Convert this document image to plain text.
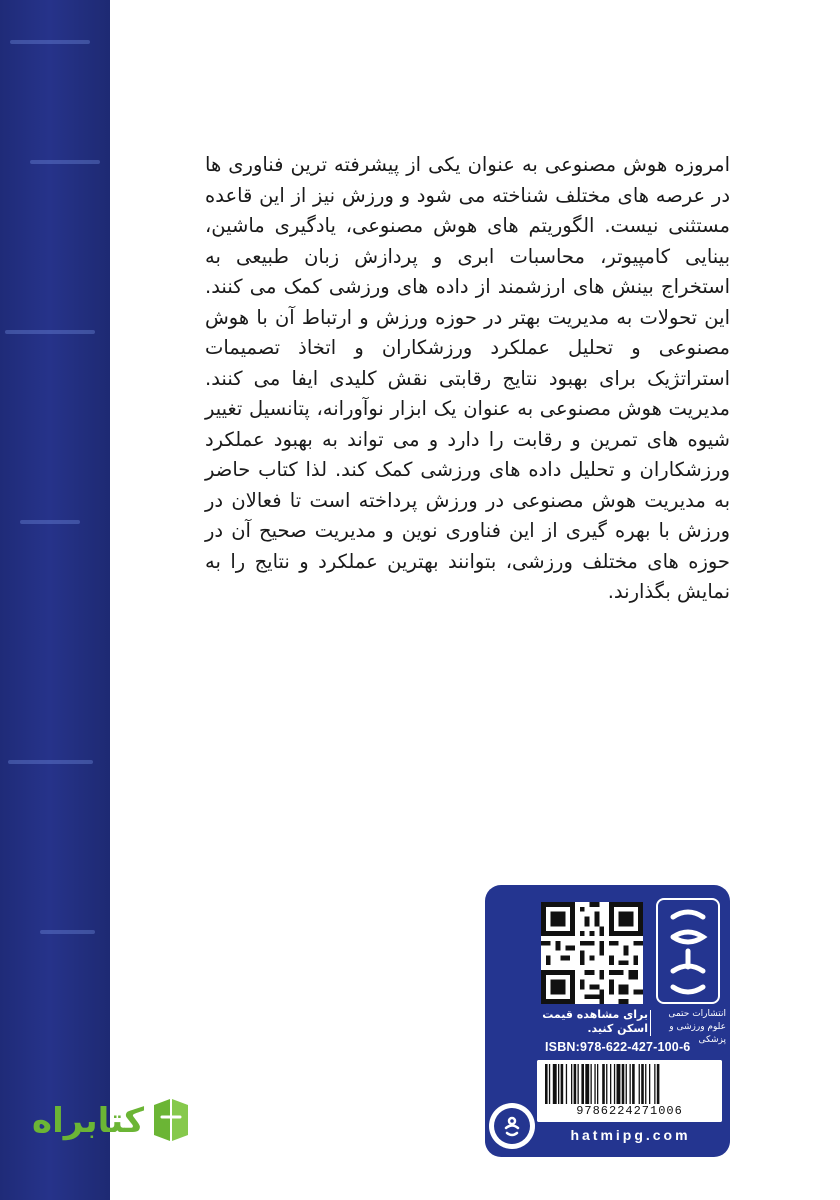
امروزه هوش مصنوعی به عنوان یکی از پیشرفته ترین فناوری ها در عرصه های مختلف شناخته می شود و ورزش نیز از این قاعده مستثنی نیست. الگوریتم های هوش مصنوعی، یادگیری ماشین، بینایی کامپیوتر، محاسبات ابری و پردازش زبان طبیعی به استخراج بینش های ارزشمند از داده های ورزشی کمک می کنند. این تحولات به مدیریت بهتر در حوزه ورزش و ارتباط آن با هوش مصنوعی و تحلیل عملکرد ورزشکاران و اتخاذ تصمیمات استراتژیک برای بهبود نتایج رقابتی نقش کلیدی ایفا می کنند. مدیریت هوش مصنوعی به عنوان یک ابزار نوآورانه، پتانسیل تغییر شیوه های تمرین و رقابت را دارد و می تواند به بهبود عملکرد ورزشکاران و تحلیل داده های ورزشی کمک کند. لذا کتاب حاضر به مدیریت هوش مصنوعی در ورزش پرداخته است تا فعالان در ورزش با بهره گیری از این فناوری نوین و مدیریت صحیح آن در حوزه های مختلف ورزشی، بتوانند بهترین عملکرد و نتایج را به نمایش بگذارند.
برای مشاهده قیمت
اسکن کنید.
انتشارات حتمی
علوم ورزشی و پزشکی
ISBN:978-622-427-100-6
9786224271006
hatmipg.com
کتابراه
